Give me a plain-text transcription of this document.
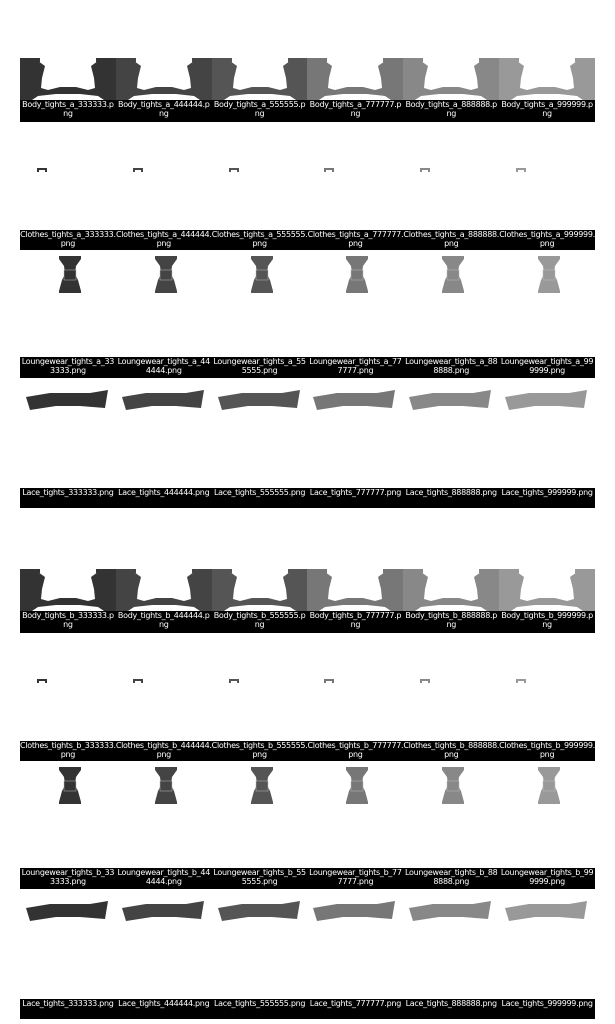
Body_tights_a_333333.png
Body_tights_a_444444.png
Body_tights_a_555555.png
Body_tights_a_777777.png
Body_tights_a_888888.png
Body_tights_a_999999.png
Clothes_tights_a_333333.png
Clothes_tights_a_444444.png
Clothes_tights_a_555555.png
Clothes_tights_a_777777.png
Clothes_tights_a_888888.png
Clothes_tights_a_999999.png
Loungewear_tights_a_333333.png
Loungewear_tights_a_444444.png
Loungewear_tights_a_555555.png
Loungewear_tights_a_777777.png
Loungewear_tights_a_888888.png
Loungewear_tights_a_999999.png
Lace_tights_333333.png Lace_tights_444444.png Lace_tights_555555.png Lace_tights_777777.png Lace_tights_888888.png Lace_tights_999999.png
Body_tights_b_333333.png
Body_tights_b_444444.png
Body_tights_b_555555.png
Body_tights_b_777777.png
Body_tights_b_888888.png
Body_tights_b_999999.png
Clothes_tights_b_333333.png
Clothes_tights_b_444444.png
Clothes_tights_b_555555.png
Clothes_tights_b_777777.png
Clothes_tights_b_888888.png
Clothes_tights_b_999999.png
Loungewear_tights_b_333333.png
Loungewear_tights_b_444444.png
Loungewear_tights_b_555555.png
Loungewear_tights_b_777777.png
Loungewear_tights_b_888888.png
Loungewear_tights_b_999999.png
Lace_tights_333333.png Lace_tights_444444.png Lace_tights_555555.png Lace_tights_777777.png Lace_tights_888888.png Lace_tights_999999.png
